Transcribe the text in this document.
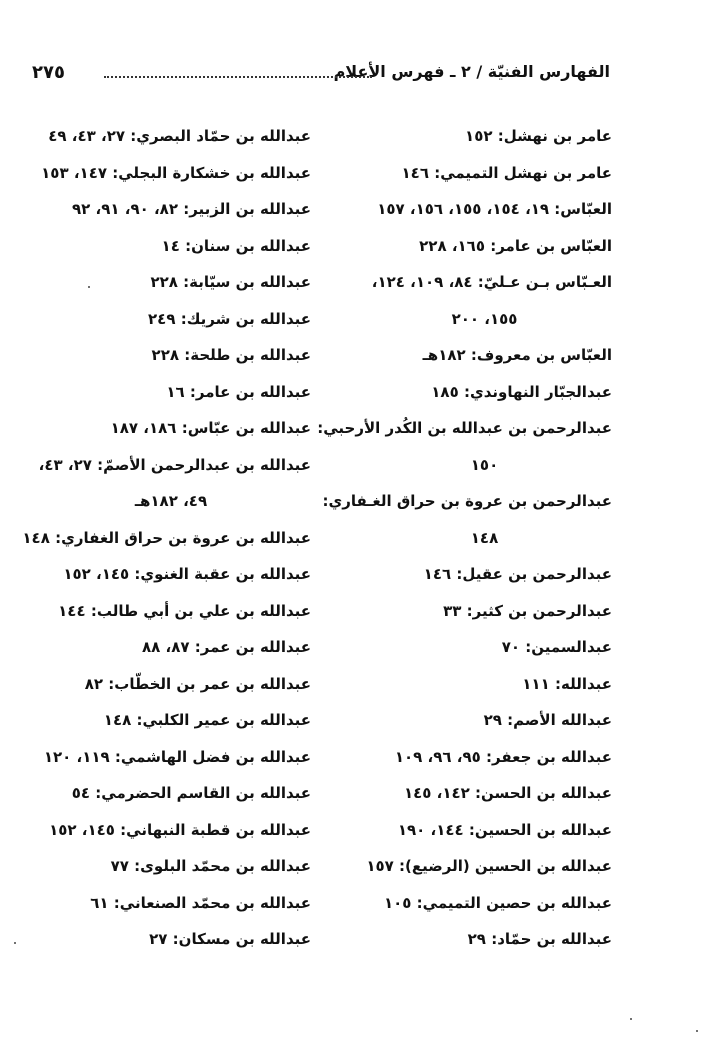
الفهارس الفنيّة / ٢ ـ فهرس الأعلام
٢٧٥
عامر بن نهشل: ١٥٢
عامر بن نهشل التميمي: ١٤٦
العبّاس: ١٩، ١٥٤، ١٥٥، ١٥٦، ١٥٧
العبّاس بن عامر: ١٦٥، ٢٢٨
العـبّاس بـن عـليّ: ٨٤، ١٠٩، ١٢٤،
١٥٥، ٢٠٠
العبّاس بن معروف: ١٨٢هـ
عبدالجبّار النهاوندي: ١٨٥
عبدالرحمن بن عبدالله بن الكُدر الأرحبي:
١٥٠
عبدالرحمن بن عروة بن حراق الغـفاري:
١٤٨
عبدالرحمن بن عقيل: ١٤٦
عبدالرحمن بن كثير: ٣٣
عبدالسمين: ٧٠
عبدالله: ١١١
عبدالله الأصم: ٢٩
عبدالله بن جعفر: ٩٥، ٩٦، ١٠٩
عبدالله بن الحسن: ١٤٢، ١٤٥
عبدالله بن الحسين: ١٤٤، ١٩٠
عبدالله بن الحسين (الرضيع): ١٥٧
عبدالله بن حصين التميمي: ١٠٥
عبدالله بن حمّاد: ٢٩
عبدالله بن حمّاد البصري: ٢٧، ٤٣، ٤٩
عبدالله بن خشكارة البجلي: ١٤٧، ١٥٣
عبدالله بن الزبير: ٨٢، ٩٠، ٩١، ٩٢
عبدالله بن سنان: ١٤
عبدالله بن سيّابة: ٢٢٨
عبدالله بن شريك: ٢٤٩
عبدالله بن طلحة: ٢٢٨
عبدالله بن عامر: ١٦
عبدالله بن عبّاس: ١٨٦، ١٨٧
عبدالله بن عبدالرحمن الأصمّ: ٢٧، ٤٣،
٤٩، ١٨٢هـ
عبدالله بن عروة بن حراق الغفاري: ١٤٨
عبدالله بن عقبة الغنوي: ١٤٥، ١٥٢
عبدالله بن علي بن أبي طالب: ١٤٤
عبدالله بن عمر: ٨٧، ٨٨
عبدالله بن عمر بن الخطّاب: ٨٢
عبدالله بن عمير الكلبي: ١٤٨
عبدالله بن فضل الهاشمي: ١١٩، ١٢٠
عبدالله بن القاسم الحضرمي: ٥٤
عبدالله بن قطبة النبهاني: ١٤٥، ١٥٢
عبدالله بن محمّد البلوى: ٧٧
عبدالله بن محمّد الصنعاني: ٦١
عبدالله بن مسكان: ٢٧
